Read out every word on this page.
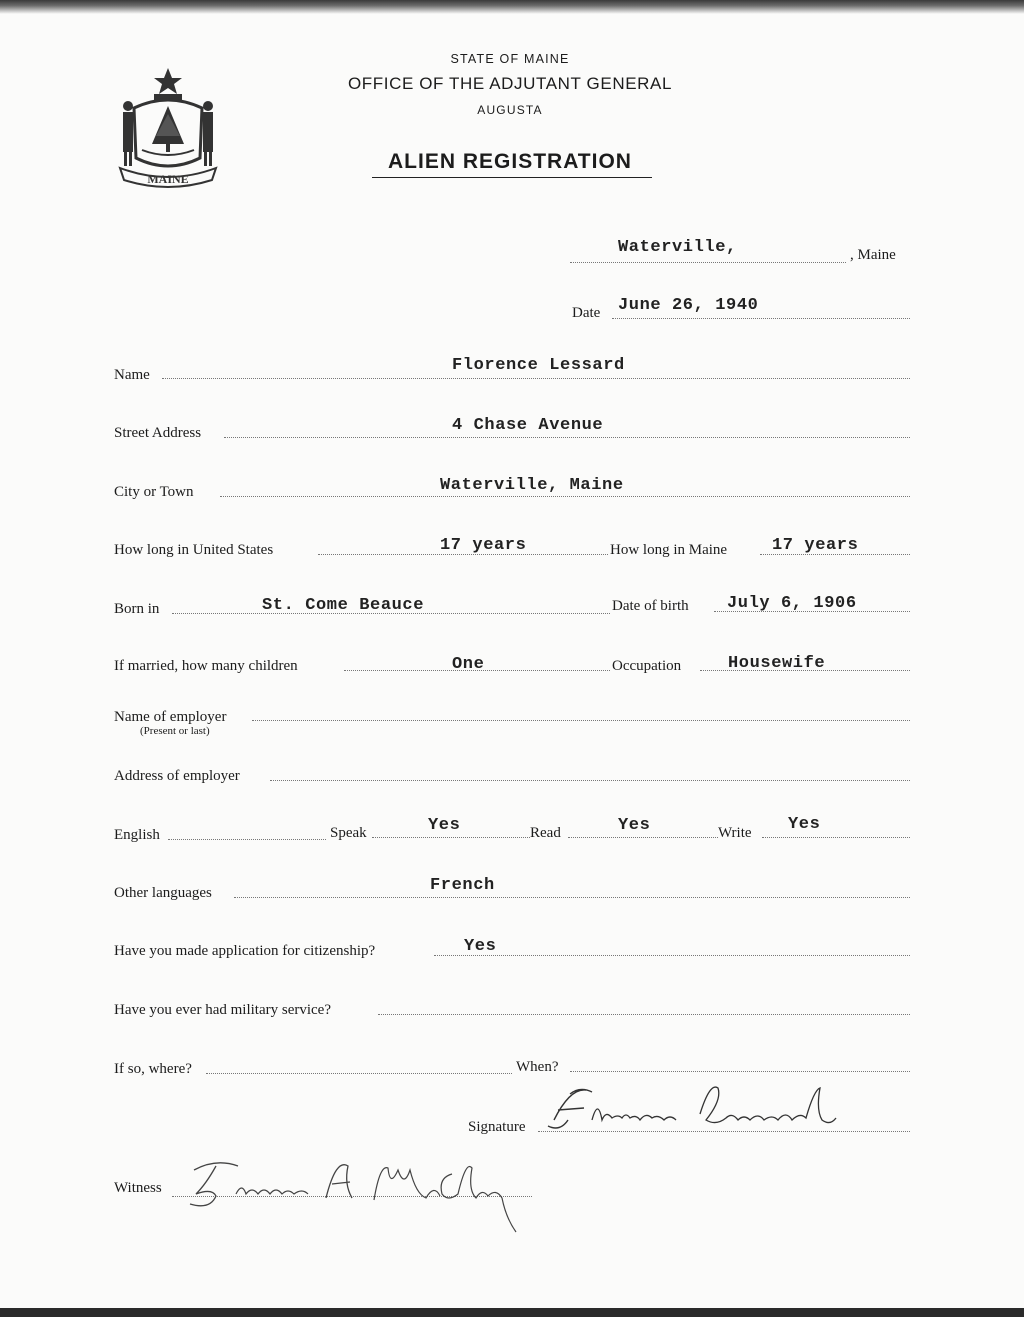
MAINE
STATE OF MAINE
OFFICE OF THE ADJUTANT GENERAL
AUGUSTA
ALIEN REGISTRATION
Waterville,	, Maine
Date June 26, 1940
Name	Florence Lessard
Street Address	4 Chase Avenue
City or Town	Waterville, Maine
How long in United States	17 years	How long in Maine	17 years
Born in	St. Come Beauce	Date of birth July 6, 1906
If married, how many children	One	Occupation	Housewife
Name of employer
(Present or last)
Address of employer
English	Speak	Yes	Read	Yes	Write Yes
Other languages	French
Have you made application for citizenship?	Yes
Have you ever had military service?
If so, where?	When?
Signature
Witness
